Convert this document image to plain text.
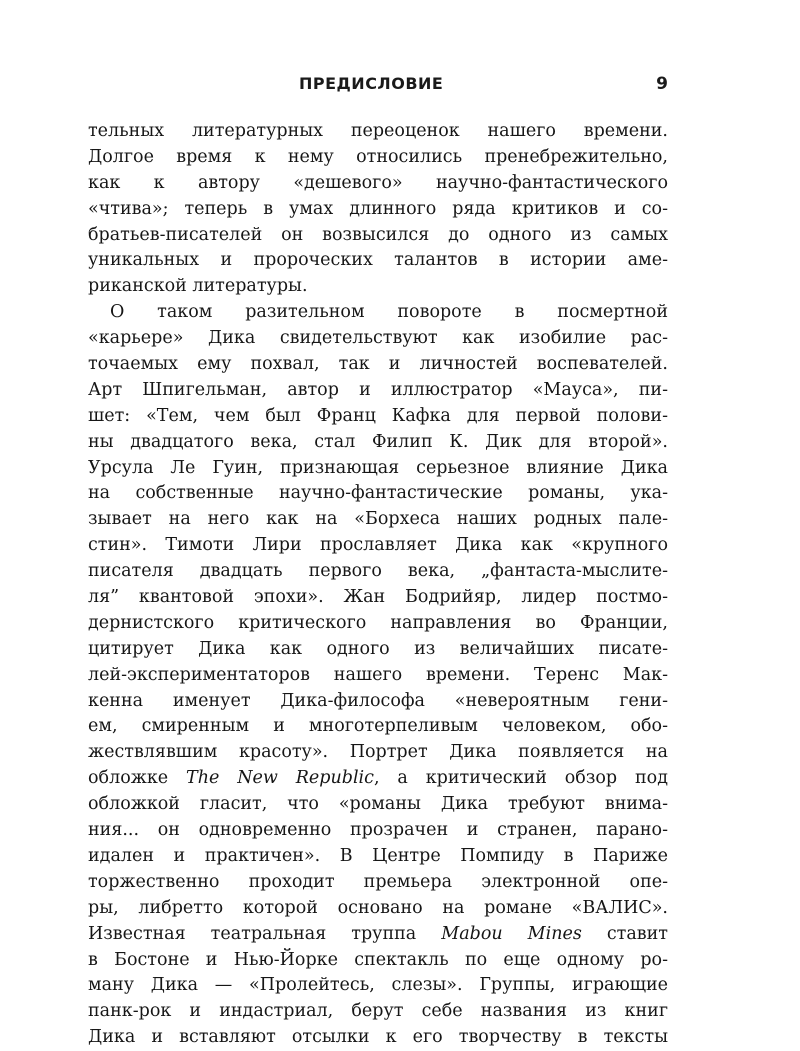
ПРЕДИСЛОВИЕ	9
тельных литературных переоценок нашего времени.
Долгое время к нему относились пренебрежительно,
как к автору «дешевого» научно-фантастического
«чтива»; теперь в умах длинного ряда критиков и со-
братьев-писателей он возвысился до одного из самых
уникальных и пророческих талантов в истории аме-
риканской литературы.
О таком разительном повороте в посмертной
«карьере» Дика свидетельствуют как изобилие рас-
точаемых ему похвал, так и личностей воспевателей.
Арт Шпигельман, автор и иллюстратор «Мауса», пи-
шет: «Тем, чем был Франц Кафка для первой полови-
ны двадцатого века, стал Филип К. Дик для второй».
Урсула Ле Гуин, признающая серьезное влияние Дика
на собственные научно-фантастические романы, ука-
зывает на него как на «Борхеса наших родных пале-
стин». Тимоти Лири прославляет Дика как «крупного
писателя двадцать первого века, „фантаста-мыслите-
ля” квантовой эпохи». Жан Бодрийяр, лидер постмо-
дернистского критического направления во Франции,
цитирует Дика как одного из величайших писате-
лей-экспериментаторов нашего времени. Теренс Мак-
кенна именует Дика-философа «невероятным гени-
ем, смиренным и многотерпеливым человеком, обо-
жествлявшим красоту». Портрет Дика появляется на
обложке The New Republic, а критический обзор под
обложкой гласит, что «романы Дика требуют внима-
ния... он одновременно прозрачен и странен, парано-
идален и практичен». В Центре Помпиду в Париже
торжественно проходит премьера электронной опе-
ры, либретто которой основано на романе «ВАЛИС».
Известная театральная труппа Mabou Mines ставит
в Бостоне и Нью-Йорке спектакль по еще одному ро-
ману Дика — «Пролейтесь, слезы». Группы, играющие
панк-рок и индастриал, берут себе названия из книг
Дика и вставляют отсылки к его творчеству в тексты
